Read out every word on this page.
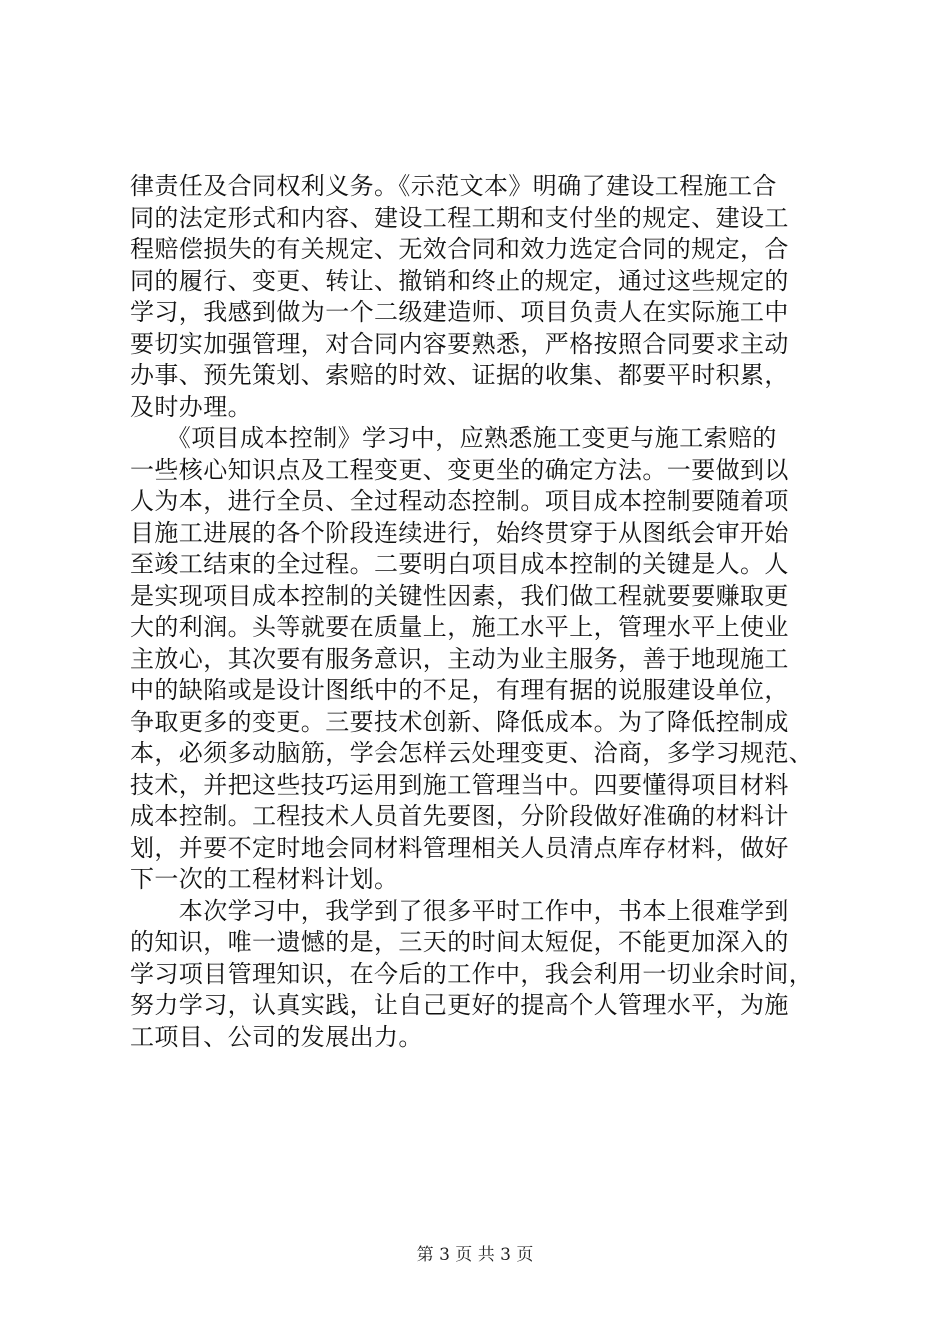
律责任及合同权利义务。《示范文本》明确了建设工程施工合
同的法定形式和内容、建设工程工期和支付坐的规定、建设工
程赔偿损失的有关规定、无效合同和效力选定合同的规定，合
同的履行、变更、转让、撤销和终止的规定，通过这些规定的
学习，我感到做为一个二级建造师、项目负责人在实际施工中
要切实加强管理，对合同内容要熟悉，严格按照合同要求主动
办事、预先策划、索赔的时效、证据的收集、都要平时积累，
及时办理。
　　《项目成本控制》学习中，应熟悉施工变更与施工索赔的
一些核心知识点及工程变更、变更坐的确定方法。一要做到以
人为本，进行全员、全过程动态控制。项目成本控制要随着项
目施工进展的各个阶段连续进行，始终贯穿于从图纸会审开始
至竣工结束的全过程。二要明白项目成本控制的关键是人。人
是实现项目成本控制的关键性因素，我们做工程就要要赚取更
大的利润。头等就要在质量上，施工水平上，管理水平上使业
主放心，其次要有服务意识，主动为业主服务，善于地现施工
中的缺陷或是设计图纸中的不足，有理有据的说服建设单位，
争取更多的变更。三要技术创新、降低成本。为了降低控制成
本，必须多动脑筋，学会怎样云处理变更、洽商，多学习规范、
技术，并把这些技巧运用到施工管理当中。四要懂得项目材料
成本控制。工程技术人员首先要图，分阶段做好准确的材料计
划，并要不定时地会同材料管理相关人员清点库存材料，做好
下一次的工程材料计划。
　　本次学习中，我学到了很多平时工作中，书本上很难学到
的知识，唯一遗憾的是，三天的时间太短促，不能更加深入的
学习项目管理知识，在今后的工作中，我会利用一切业余时间，
努力学习，认真实践，让自己更好的提高个人管理水平，为施
工项目、公司的发展出力。
第 3 页 共 3 页
